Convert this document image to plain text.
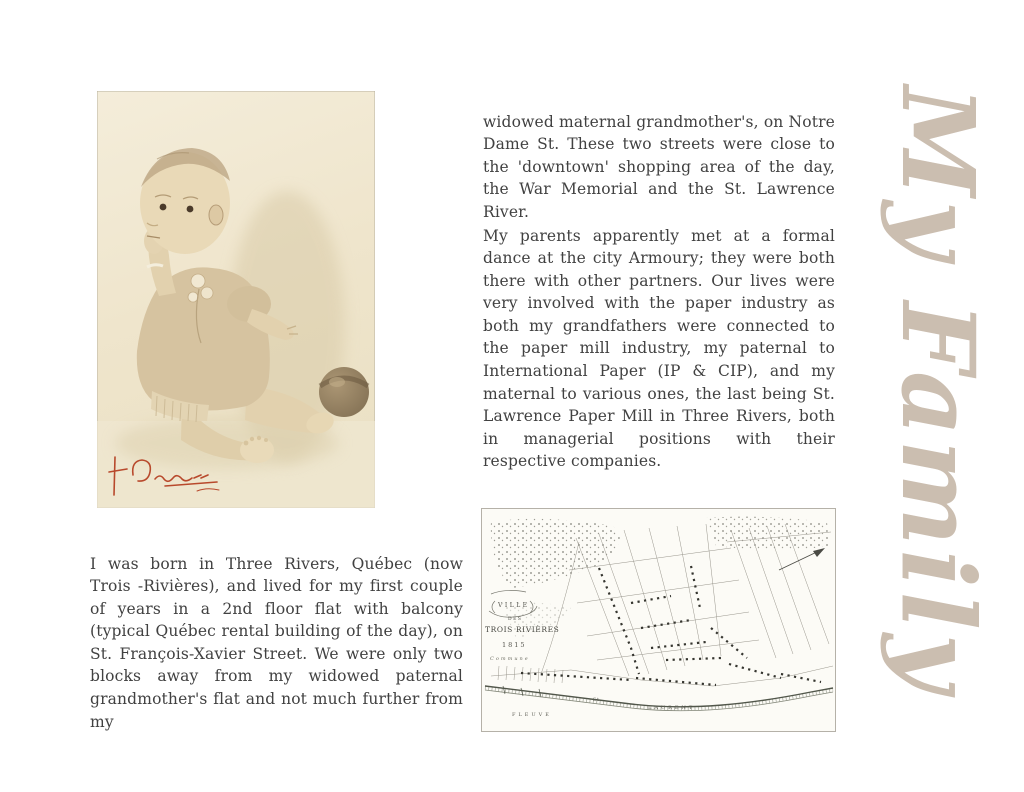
I was born in Three Rivers, Québec (now Trois -Rivières), and lived for my first couple of years in a 2nd floor flat with balcony (typical Québec rental building of the day), on St. François-Xavier Street. We were only two blocks away from my widowed paternal grandmother's flat and not much further from my

widowed maternal grandmother's, on Notre Dame St. These two streets were close to the 'downtown' shopping area of the day, the War Memorial and the St. Lawrence River.

My parents apparently met at a formal dance at the city Armoury; they were both there with other partners. Our lives were very involved with the paper industry as both my grandfathers were connected to the paper mill industry, my paternal to International Paper (IP & CIP), and my maternal to various ones, the last being St. Lawrence Paper Mill in Three Rivers, both in managerial positions with their respective companies.

VILLE
DES
TROIS RIVIÈRES
1815
Commune
FLEUVE
St
LAURENT
My Family
